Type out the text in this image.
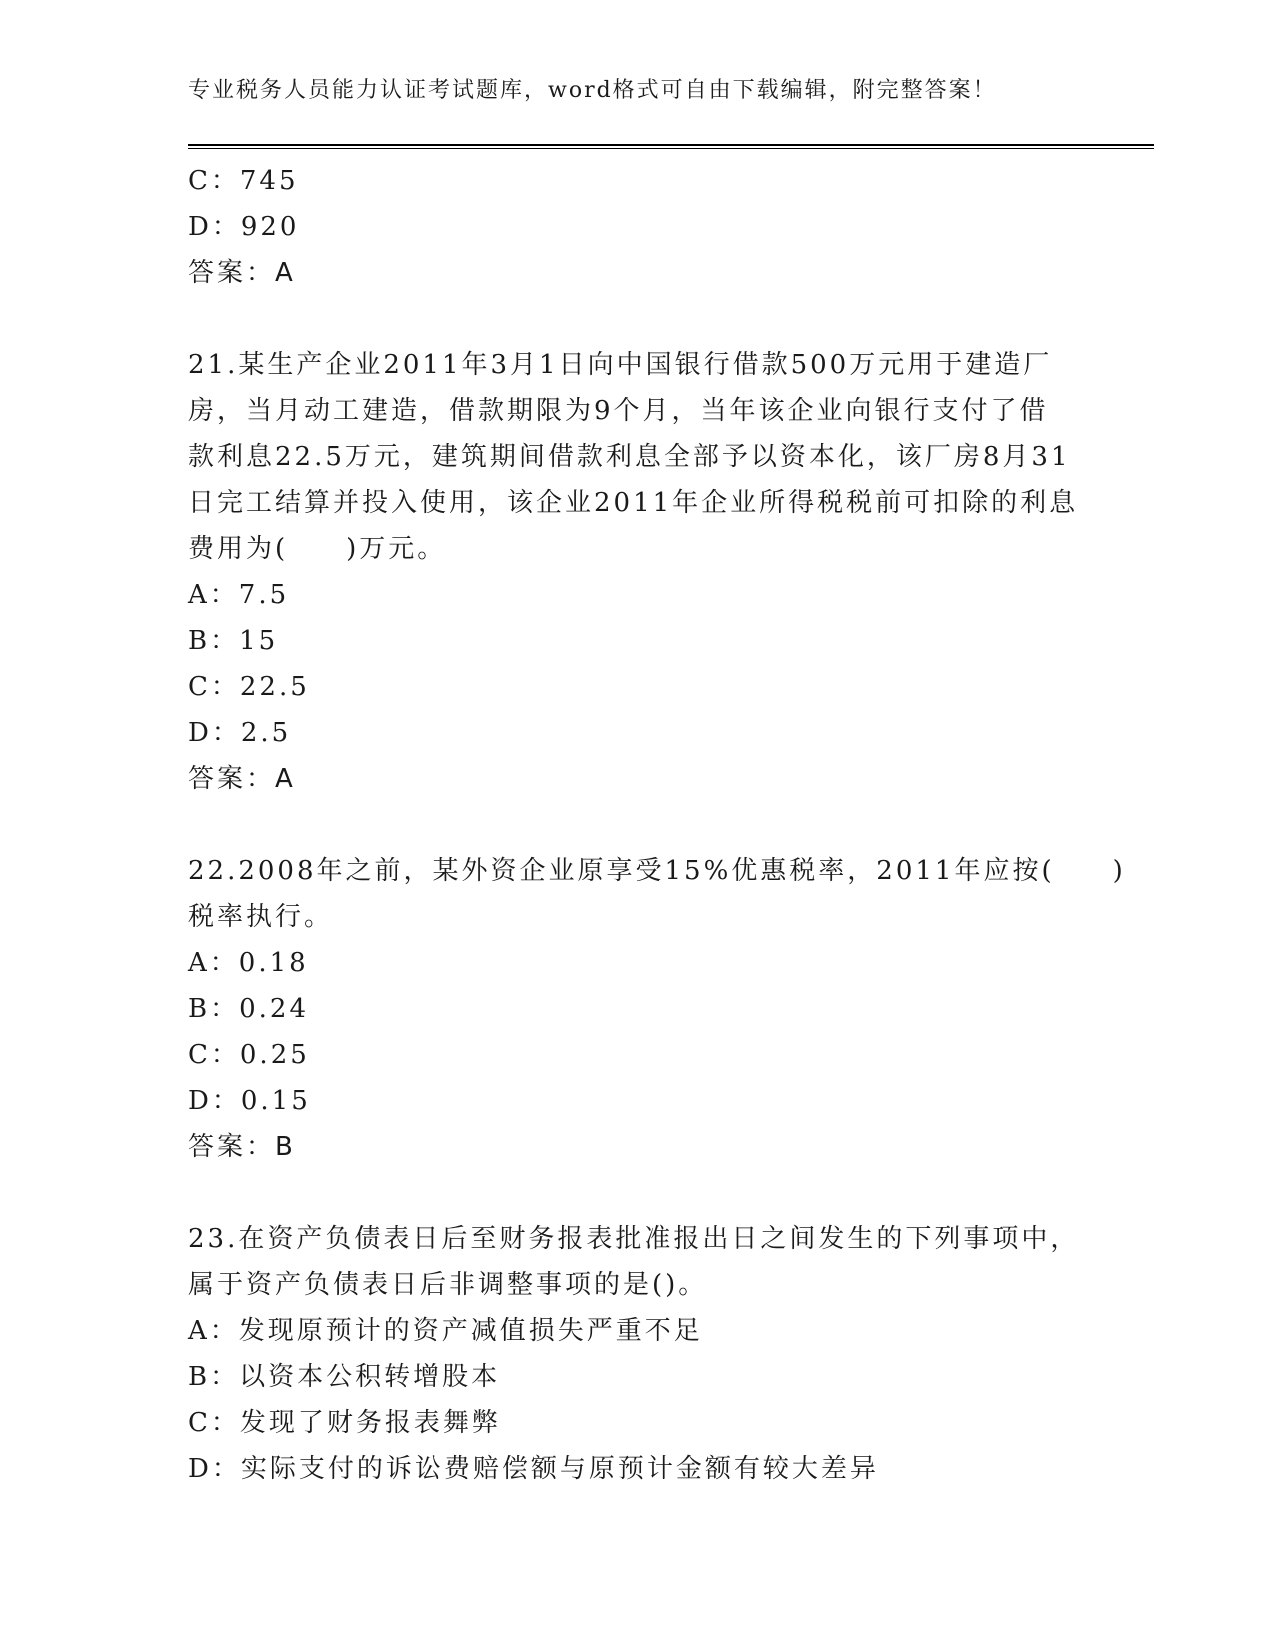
专业税务人员能力认证考试题库，word格式可自由下载编辑，附完整答案！
C：745
D：920
答案：A
21.某生产企业2011年3月1日向中国银行借款500万元用于建造厂
房，当月动工建造，借款期限为9个月，当年该企业向银行支付了借
款利息22.5万元，建筑期间借款利息全部予以资本化，该厂房8月31
日完工结算并投入使用，该企业2011年企业所得税税前可扣除的利息
费用为(　　)万元。
A：7.5
B：15
C：22.5
D：2.5
答案：A
22.2008年之前，某外资企业原享受15%优惠税率，2011年应按(　　)
税率执行。
A：0.18
B：0.24
C：0.25
D：0.15
答案：B
23.在资产负债表日后至财务报表批准报出日之间发生的下列事项中，
属于资产负债表日后非调整事项的是()。
A：发现原预计的资产减值损失严重不足
B：以资本公积转增股本
C：发现了财务报表舞弊
D：实际支付的诉讼费赔偿额与原预计金额有较大差异
